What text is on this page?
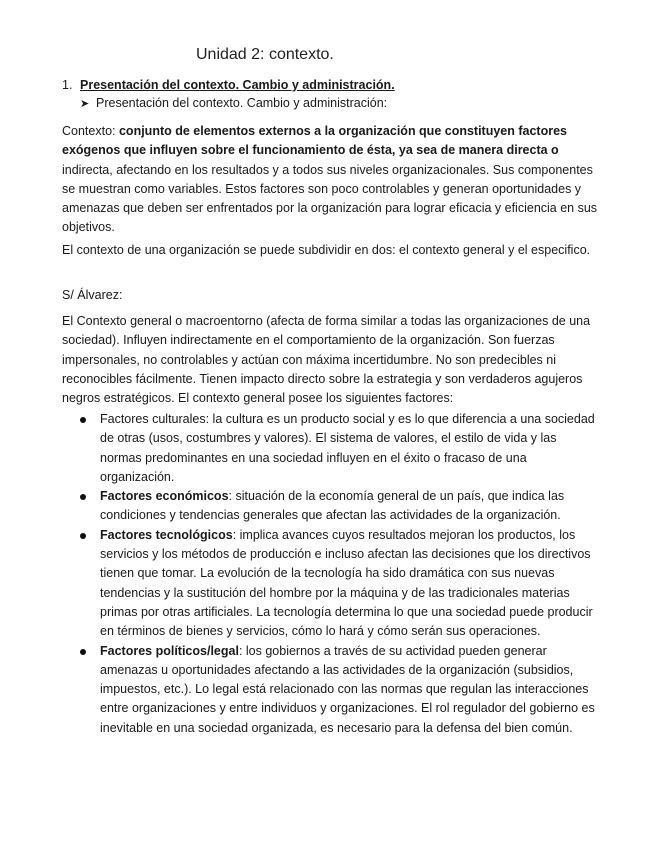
Unidad 2: contexto.
1. Presentación del contexto. Cambio y administración.
➤ Presentación del contexto. Cambio y administración:
Contexto: conjunto de elementos externos a la organización que constituyen factores exógenos que influyen sobre el funcionamiento de ésta, ya sea de manera directa o indirecta, afectando en los resultados y a todos sus niveles organizacionales. Sus componentes se muestran como variables. Estos factores son poco controlables y generan oportunidades y amenazas que deben ser enfrentados por la organización para lograr eficacia y eficiencia en sus objetivos.
El contexto de una organización se puede subdividir en dos: el contexto general y el especifico.
S/ Álvarez:
El Contexto general o macroentorno (afecta de forma similar a todas las organizaciones de una sociedad). Influyen indirectamente en el comportamiento de la organización. Son fuerzas impersonales, no controlables y actúan con máxima incertidumbre. No son predecibles ni reconocibles fácilmente. Tienen impacto directo sobre la estrategia y son verdaderos agujeros negros estratégicos. El contexto general posee los siguientes factores:
Factores culturales: la cultura es un producto social y es lo que diferencia a una sociedad de otras (usos, costumbres y valores). El sistema de valores, el estilo de vida y las normas predominantes en una sociedad influyen en el éxito o fracaso de una organización.
Factores económicos: situación de la economía general de un país, que indica las condiciones y tendencias generales que afectan las actividades de la organización.
Factores tecnológicos: implica avances cuyos resultados mejoran los productos, los servicios y los métodos de producción e incluso afectan las decisiones que los directivos tienen que tomar. La evolución de la tecnología ha sido dramática con sus nuevas tendencias y la sustitución del hombre por la máquina y de las tradicionales materias primas por otras artificiales. La tecnología determina lo que una sociedad puede producir en términos de bienes y servicios, cómo lo hará y cómo serán sus operaciones.
Factores políticos/legal: los gobiernos a través de su actividad pueden generar amenazas u oportunidades afectando a las actividades de la organización (subsidios, impuestos, etc.). Lo legal está relacionado con las normas que regulan las interacciones entre organizaciones y entre individuos y organizaciones. El rol regulador del gobierno es inevitable en una sociedad organizada, es necesario para la defensa del bien común.
